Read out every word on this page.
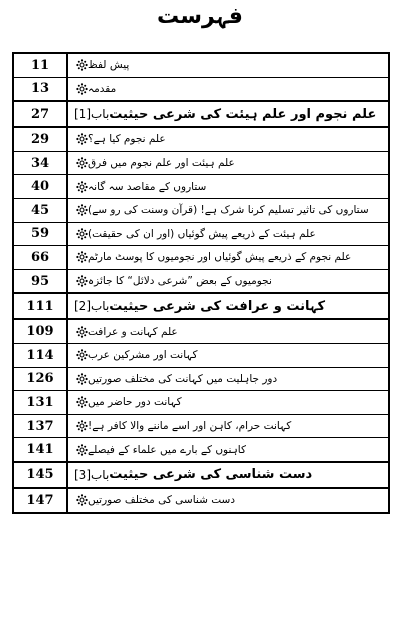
فہرست
11	پیش لفظ
13	مقدمہ
27	باب[1]	علم نجوم اور علم ہیئت کی شرعی حیثیت
29	علم نجوم کیا ہے؟
34	علم ہیئت اور علم نجوم میں فرق
40	ستاروں کے مقاصد سہ گانہ
45	ستاروں کی تاثیر تسلیم کرنا شرک ہے! (قرآن وسنت کی رو سے)
59	علم ہیئت کے ذریعے پیش گوئیاں (اور ان کی حقیقت)
66	علم نجوم کے ذریعے پیش گوئیاں اور نجومیوں کا پوسٹ مارٹم
95	نجومیوں کے بعض ”شرعی دلائل“ کا جائزہ
111	باب[2]	کہانت و عرافت کی شرعی حیثیت
109	علم کہانت و عرافت
114	کہانت اور مشرکین عرب
126	دور جاہلیت میں کہانت کی مختلف صورتیں
131	کہانت دور حاضر میں
137	کہانت حرام، کاہن اور اسے ماننے والا کافر ہے!
141	کاہنوں کے بارے میں علماء کے فیصلے
145	باب[3]	دست شناسی کی شرعی حیثیت
147	دست شناسی کی مختلف صورتیں
